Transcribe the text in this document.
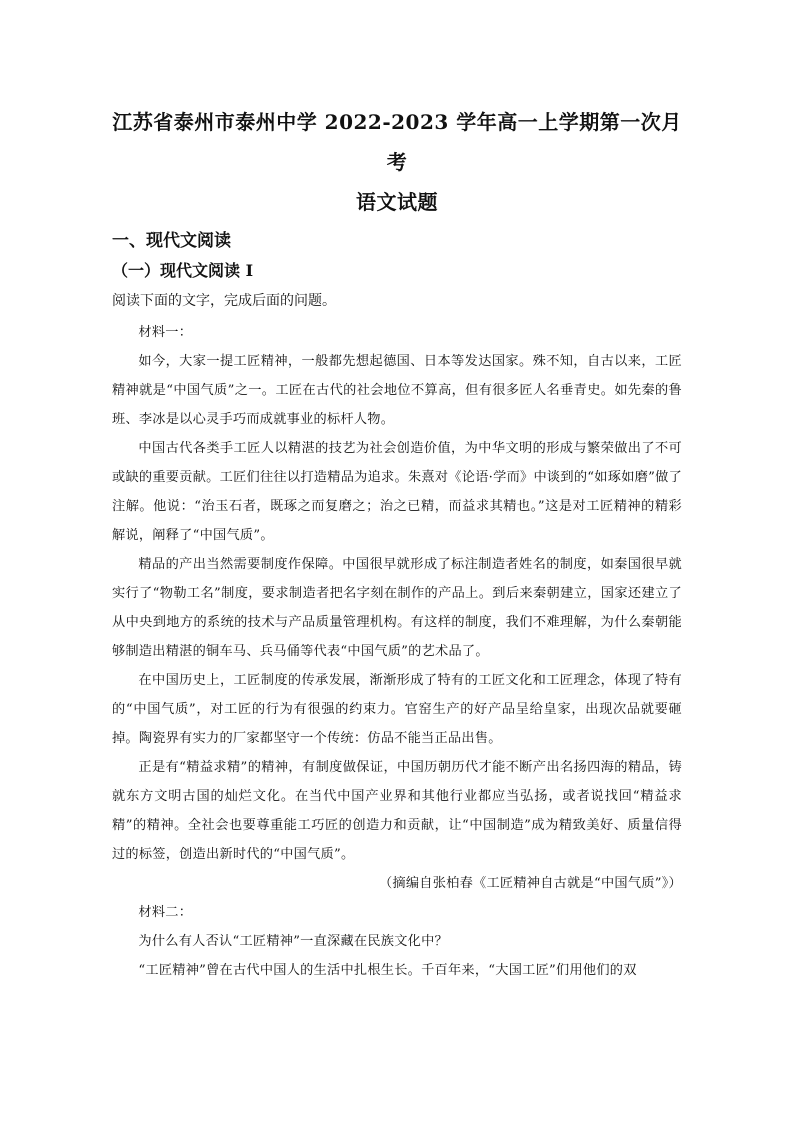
江苏省泰州市泰州中学 2022-2023 学年高一上学期第一次月
考
语文试题
一、现代文阅读
（一）现代文阅读 I
阅读下面的文字，完成后面的问题。

材料一：

如今，大家一提工匠精神，一般都先想起德国、日本等发达国家。殊不知，自古以来，工匠精神就是“中国气质”之一。工匠在古代的社会地位不算高，但有很多匠人名垂青史。如先秦的鲁班、李冰是以心灵手巧而成就事业的标杆人物。

中国古代各类手工匠人以精湛的技艺为社会创造价值，为中华文明的形成与繁荣做出了不可或缺的重要贡献。工匠们往往以打造精品为追求。朱熹对《论语·学而》中谈到的“如琢如磨”做了注解。他说：“治玉石者，既琢之而复磨之；治之已精，而益求其精也。”这是对工匠精神的精彩解说，阐释了“中国气质”。

精品的产出当然需要制度作保障。中国很早就形成了标注制造者姓名的制度，如秦国很早就实行了“物勒工名”制度，要求制造者把名字刻在制作的产品上。到后来秦朝建立，国家还建立了从中央到地方的系统的技术与产品质量管理机构。有这样的制度，我们不难理解，为什么秦朝能够制造出精湛的铜车马、兵马俑等代表“中国气质”的艺术品了。

在中国历史上，工匠制度的传承发展，渐渐形成了特有的工匠文化和工匠理念，体现了特有的“中国气质”，对工匠的行为有很强的约束力。官窑生产的好产品呈给皇家，出现次品就要砸掉。陶瓷界有实力的厂家都坚守一个传统：仿品不能当正品出售。

正是有“精益求精”的精神，有制度做保证，中国历朝历代才能不断产出名扬四海的精品，铸就东方文明古国的灿烂文化。在当代中国产业界和其他行业都应当弘扬，或者说找回“精益求精”的精神。全社会也要尊重能工巧匠的创造力和贡献，让“中国制造”成为精致美好、质量信得过的标签，创造出新时代的“中国气质”。

（摘编自张柏春《工匠精神自古就是“中国气质”》）

材料二：

为什么有人否认“工匠精神”一直深藏在民族文化中？

“工匠精神”曾在古代中国人的生活中扎根生长。千百年来，“大国工匠”们用他们的双
